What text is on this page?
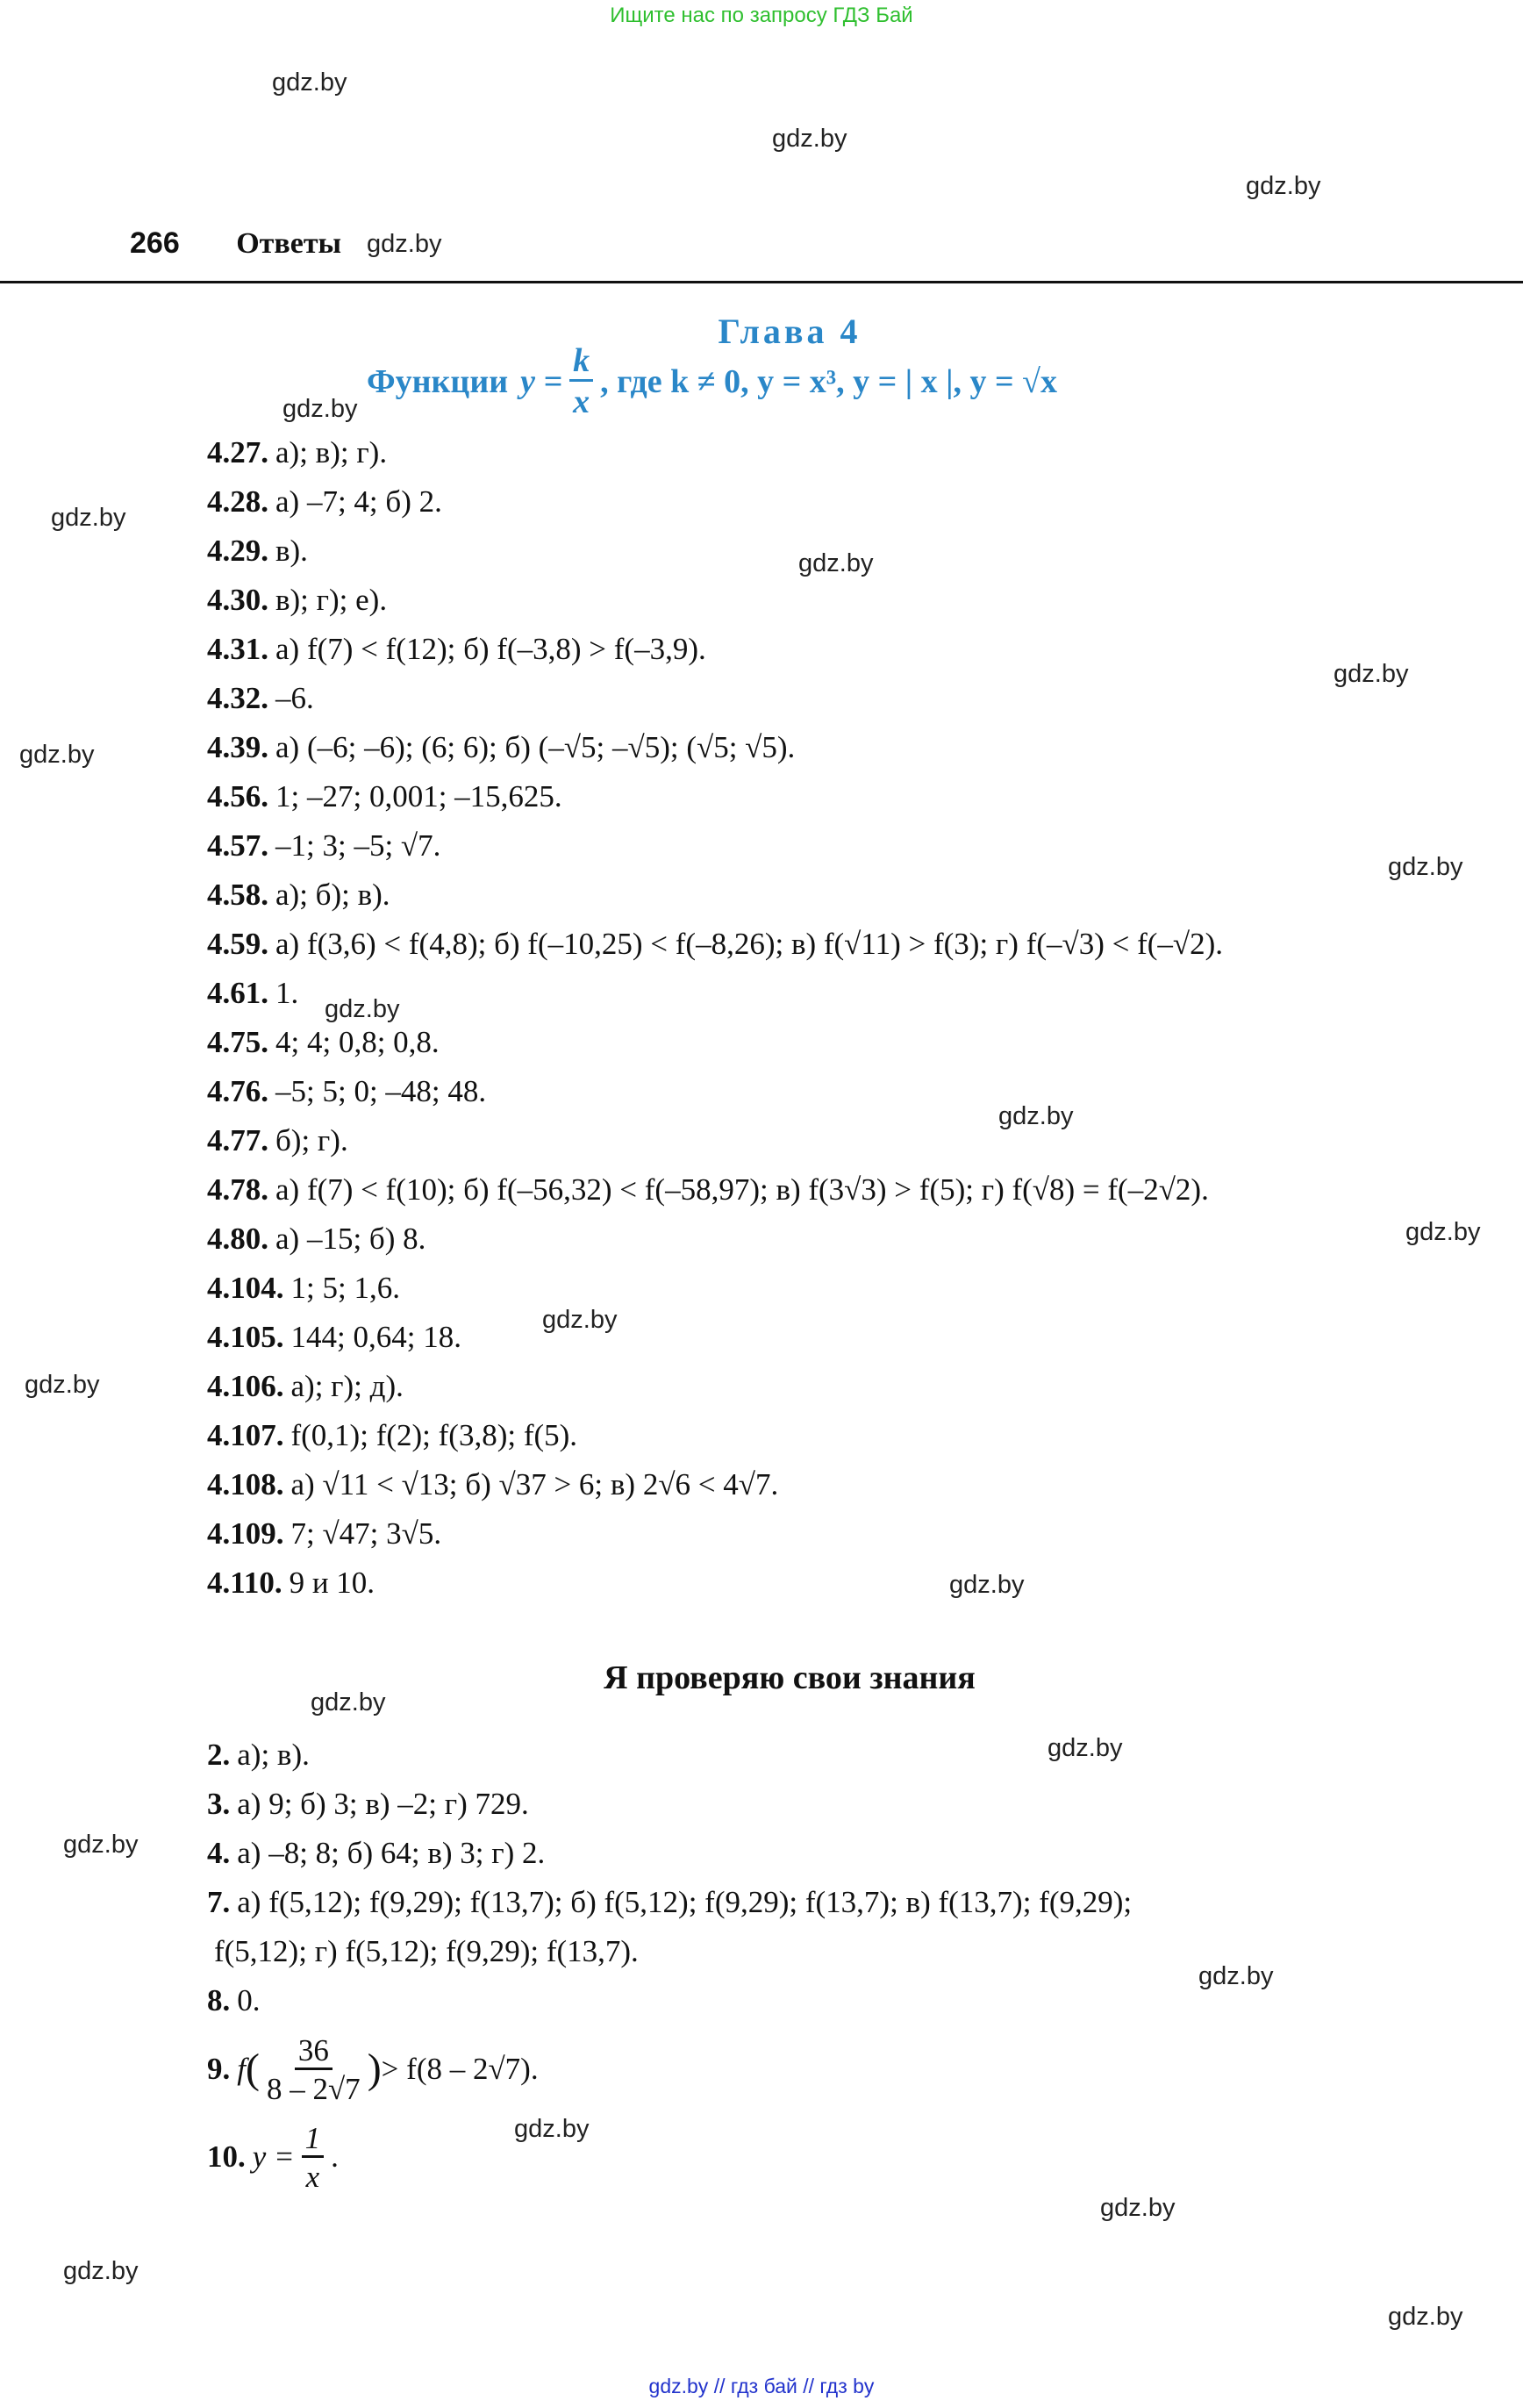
Ищите нас по запросу ГДЗ Бай
266 Ответы
Глава 4
Функции $y = \frac{k}{x}$ , где k ≠ 0, y = x³, y = | x |, y = √x
4.27. а); в); г).
4.28. а) –7; 4; б) 2.
4.29. в).
4.30. в); г); е).
4.31. а) f(7) < f(12); б) f(–3,8) > f(–3,9).
4.32. –6.
4.39. а) (–6; –6); (6; 6); б) (–√5; –√5); (√5; √5).
4.56. 1; –27; 0,001; –15,625.
4.57. –1; 3; –5; √7.
4.58. а); б); в).
4.59. а) f(3,6) < f(4,8); б) f(–10,25) < f(–8,26); в) f(√11) > f(3); г) f(–√3) < f(–√2).
4.61. 1.
4.75. 4; 4; 0,8; 0,8.
4.76. –5; 5; 0; –48; 48.
4.77. б); г).
4.78. а) f(7) < f(10); б) f(–56,32) < f(–58,97); в) f(3√3) > f(5); г) f(√8) = f(–2√2).
4.80. а) –15; б) 8.
4.104. 1; 5; 1,6.
4.105. 144; 0,64; 18.
4.106. а); г); д).
4.107. f(0,1); f(2); f(3,8); f(5).
4.108. а) √11 < √13; б) √37 > 6; в) 2√6 < 4√7.
4.109. 7; √47; 3√5.
4.110. 9 и 10.
Я проверяю свои знания
2. а); в).
3. а) 9; б) 3; в) –2; г) 729.
4. а) –8; 8; б) 64; в) 3; г) 2.
7. а) f(5,12); f(9,29); f(13,7); б) f(5,12); f(9,29); f(13,7); в) f(13,7); f(9,29);
f(5,12); г) f(5,12); f(9,29); f(13,7).
8. 0.
9. f ( $\frac{36}{8 - 2√7}$ ) > f(8 – 2√7).
10. $y = \frac{1}{x}$ .
gdz.by
gdz.by
gdz.by
gdz.by
gdz.by
gdz.by
gdz.by
gdz.by
gdz.by
gdz.by
gdz.by
gdz.by
gdz.by
gdz.by
gdz.by
gdz.by
gdz.by
gdz.by
gdz.by
gdz.by
gdz.by
gdz.by
gdz.by
gdz.by
gdz.by // гдз бай // гдз by
